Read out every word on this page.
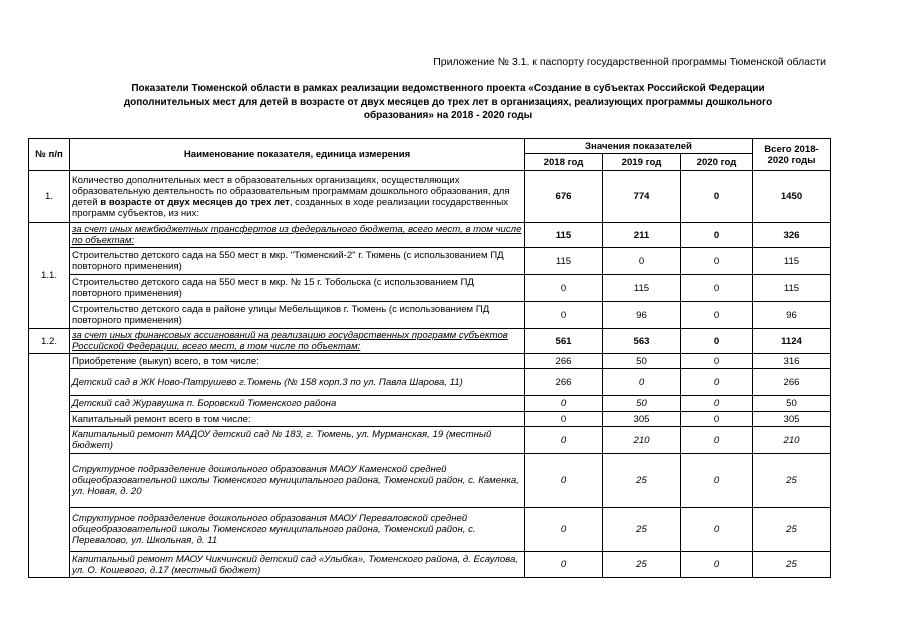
Приложение № 3.1. к паспорту государственной программы Тюменской области
Показатели Тюменской области в рамках реализации ведомственного проекта «Создание в субъектах Российской Федерации
дополнительных мест для детей в возрасте от двух месяцев до трех лет в организациях, реализующих программы дошкольного
образования» на 2018 - 2020 годы
№ п/п	Наименование показателя, единица измерения	Значения показателей			Всего 2018-2020 годы
		2018 год	2019 год	2020 год	
1.	Количество дополнительных мест в образовательных организациях, осуществляющих образовательную деятельность по образовательным программам дошкольного образования, для детей в возрасте от двух месяцев до трех лет, созданных в ходе реализации государственных программ субъектов, из них:	676	774	0	1450
1.1.	за счет иных межбюджетных трансфертов из федерального бюджета, всего мест, в том числе по объектам:	115	211	0	326
	Строительство детского сада на 550 мест в мкр. "Тюменский-2" г. Тюмень (с использованием ПД повторного применения)	115	0	0	115
	Строительство детского сада на 550 мест в мкр. № 15 г. Тобольска (с использованием ПД повторного применения)	0	115	0	115
	Строительство детского сада в районе улицы Мебельщиков г. Тюмень (с использованием ПД повторного применения)	0	96	0	96
1.2.	за счет иных финансовых ассигнований на реализацию государственных программ субъектов Российской Федерации, всего мест, в том числе по объектам:	561	563	0	1124
	Приобретение (выкуп) всего, в том числе:	266	50	0	316
	Детский сад в ЖК Ново-Патрушево г.Тюмень (№ 158 корп.3 по ул. Павла Шарова, 11)	266	0	0	266
	Детский сад Журавушка п. Боровский Тюменского района	0	50	0	50
	Капитальный ремонт всего в том числе:	0	305	0	305
	Капитальный ремонт МАДОУ детский сад № 183, г. Тюмень, ул. Мурманская, 19 (местный бюджет)	0	210	0	210
	Структурное подразделение дошкольного образования МАОУ Каменской средней общеобразовательной школы Тюменского муниципального района, Тюменский район, с. Каменка, ул. Новая, д. 20	0	25	0	25
	Структурное подразделение дошкольного образования МАОУ Перевaловской средней общеобразовательной школы Тюменского муниципального района, Тюменский район, с. Перевалово, ул. Школьная, д. 11	0	25	0	25
	Капитальный ремонт МАОУ Чикчинский детский сад «Улыбка», Тюменского района, д. Есаулова, ул. О. Кошевого, д.17 (местный бюджет)	0	25	0	25
